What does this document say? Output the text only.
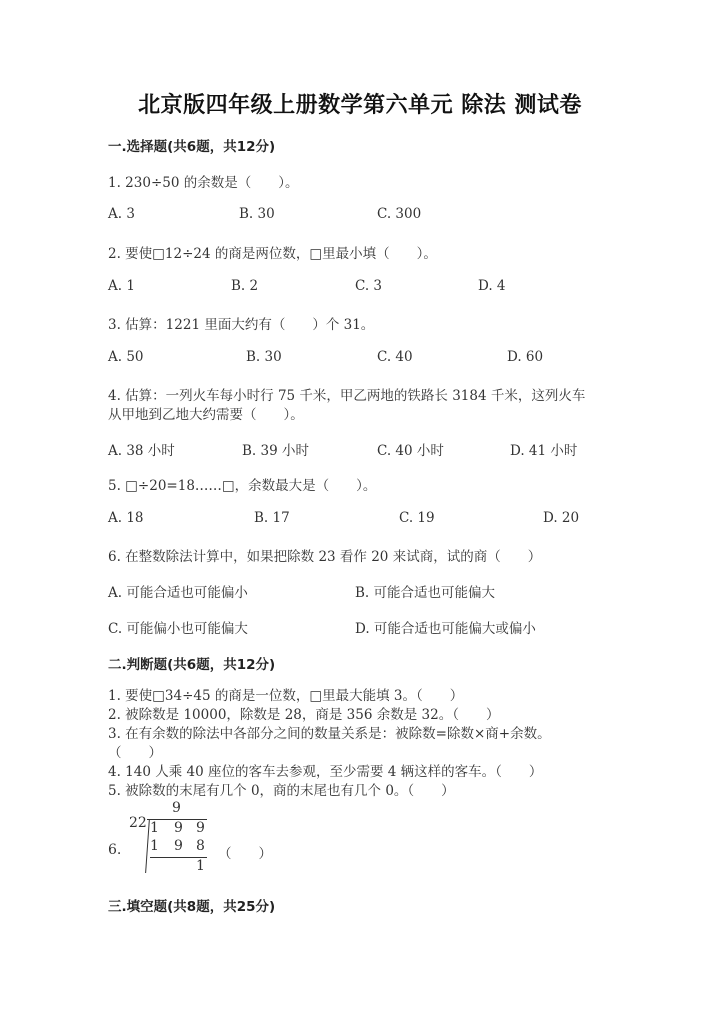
北京版四年级上册数学第六单元 除法 测试卷
一.选择题(共6题，共12分)
1. 230÷50 的余数是（　　）。
A. 3	B. 30	C. 300
2. 要使□12÷24 的商是两位数，□里最小填（　　）。
A. 1	B. 2	C. 3	D. 4
3. 估算：1221 里面大约有（　　）个 31。
A. 50	B. 30	C. 40	D. 60
4. 估算：一列火车每小时行 75 千米，甲乙两地的铁路长 3184 千米，这列火车
从甲地到乙地大约需要（　　）。
A. 38 小时	B. 39 小时	C. 40 小时	D. 41 小时
5. □÷20=18……□，余数最大是（　　）。
A. 18	B. 17	C. 19	D. 20
6. 在整数除法计算中，如果把除数 23 看作 20 来试商，试的商（　　）
A. 可能合适也可能偏小	B. 可能合适也可能偏大
C. 可能偏小也可能偏大	D. 可能合适也可能偏大或偏小
二.判断题(共6题，共12分)
1. 要使□34÷45 的商是一位数，□里最大能填 3。（　　）
2. 被除数是 10000，除数是 28，商是 356 余数是 32。（　　）
3. 在有余数的除法中各部分之间的数量关系是：被除数=除数×商+余数。
（　　）
4. 140 人乘 40 座位的客车去参观，至少需要 4 辆这样的客车。（　　）
5. 被除数的末尾有几个 0，商的末尾也有几个 0。（　　）
6.
9
22 1 9 9
1 9 8
1
（　　）
三.填空题(共8题，共25分)
